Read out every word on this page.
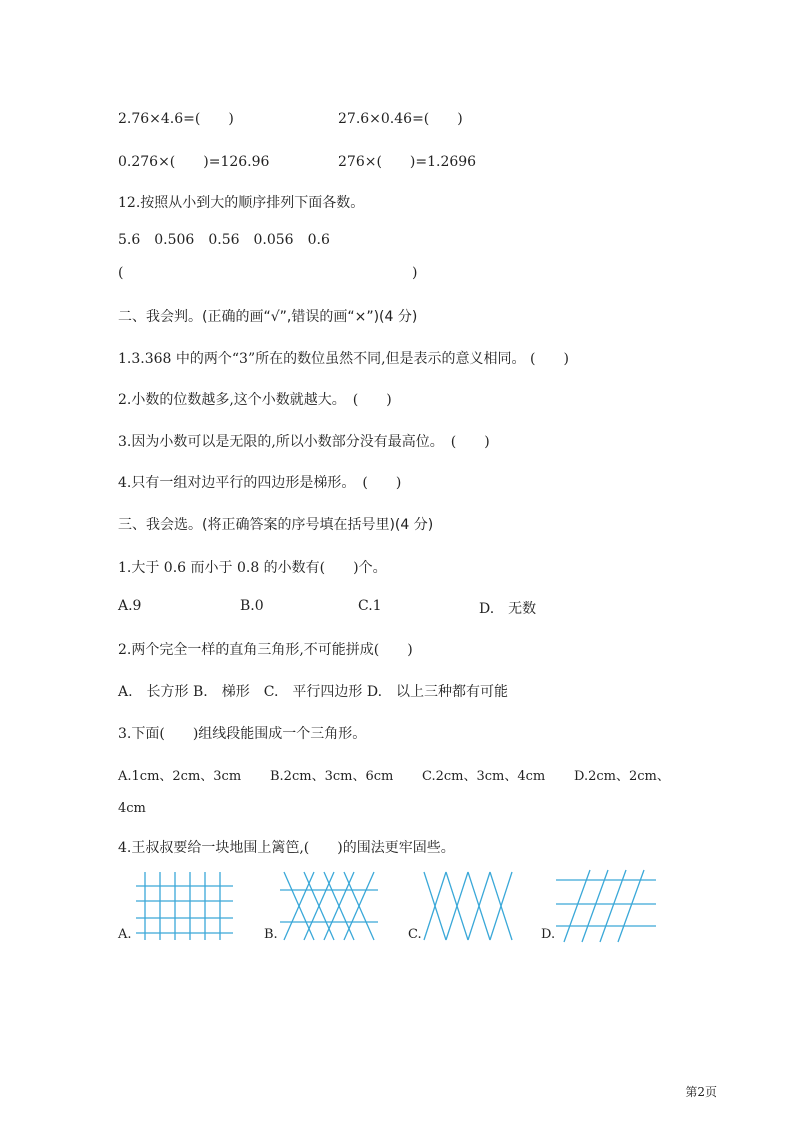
2.76×4.6=(　　)	27.6×0.46=(　　)
0.276×(　　)=126.96	276×(　　)=1.2696
12.按照从小到大的顺序排列下面各数。
5.6　0.506　0.56　0.056　0.6
(	)
二、我会判。(正确的画“√”,错误的画“×”)(4 分)
1.3.368 中的两个“3”所在的数位虽然不同,但是表示的意义相同。 (　　)
2.小数的位数越多,这个小数就越大。　(　　)
3.因为小数可以是无限的,所以小数部分没有最高位。　(　　)
4.只有一组对边平行的四边形是梯形。　(　　)
三、我会选。(将正确答案的序号填在括号里)(4 分)
1.大于 0.6 而小于 0.8 的小数有(　　)个。
A.9	B.0	C.1	D.　无数
2.两个完全一样的直角三角形,不可能拼成(　　)
A.　长方形 B.　梯形　C.　平行四边形 D.　以上三种都有可能
3.下面(　　)组线段能围成一个三角形。
A.1cm、2cm、3cm B.2cm、3cm、6cm C.2cm、3cm、4cm D.2cm、2cm、
4cm
4.王叔叔要给一块地围上篱笆,(　　)的围法更牢固些。
A.	B.	C.	D.
第2页
